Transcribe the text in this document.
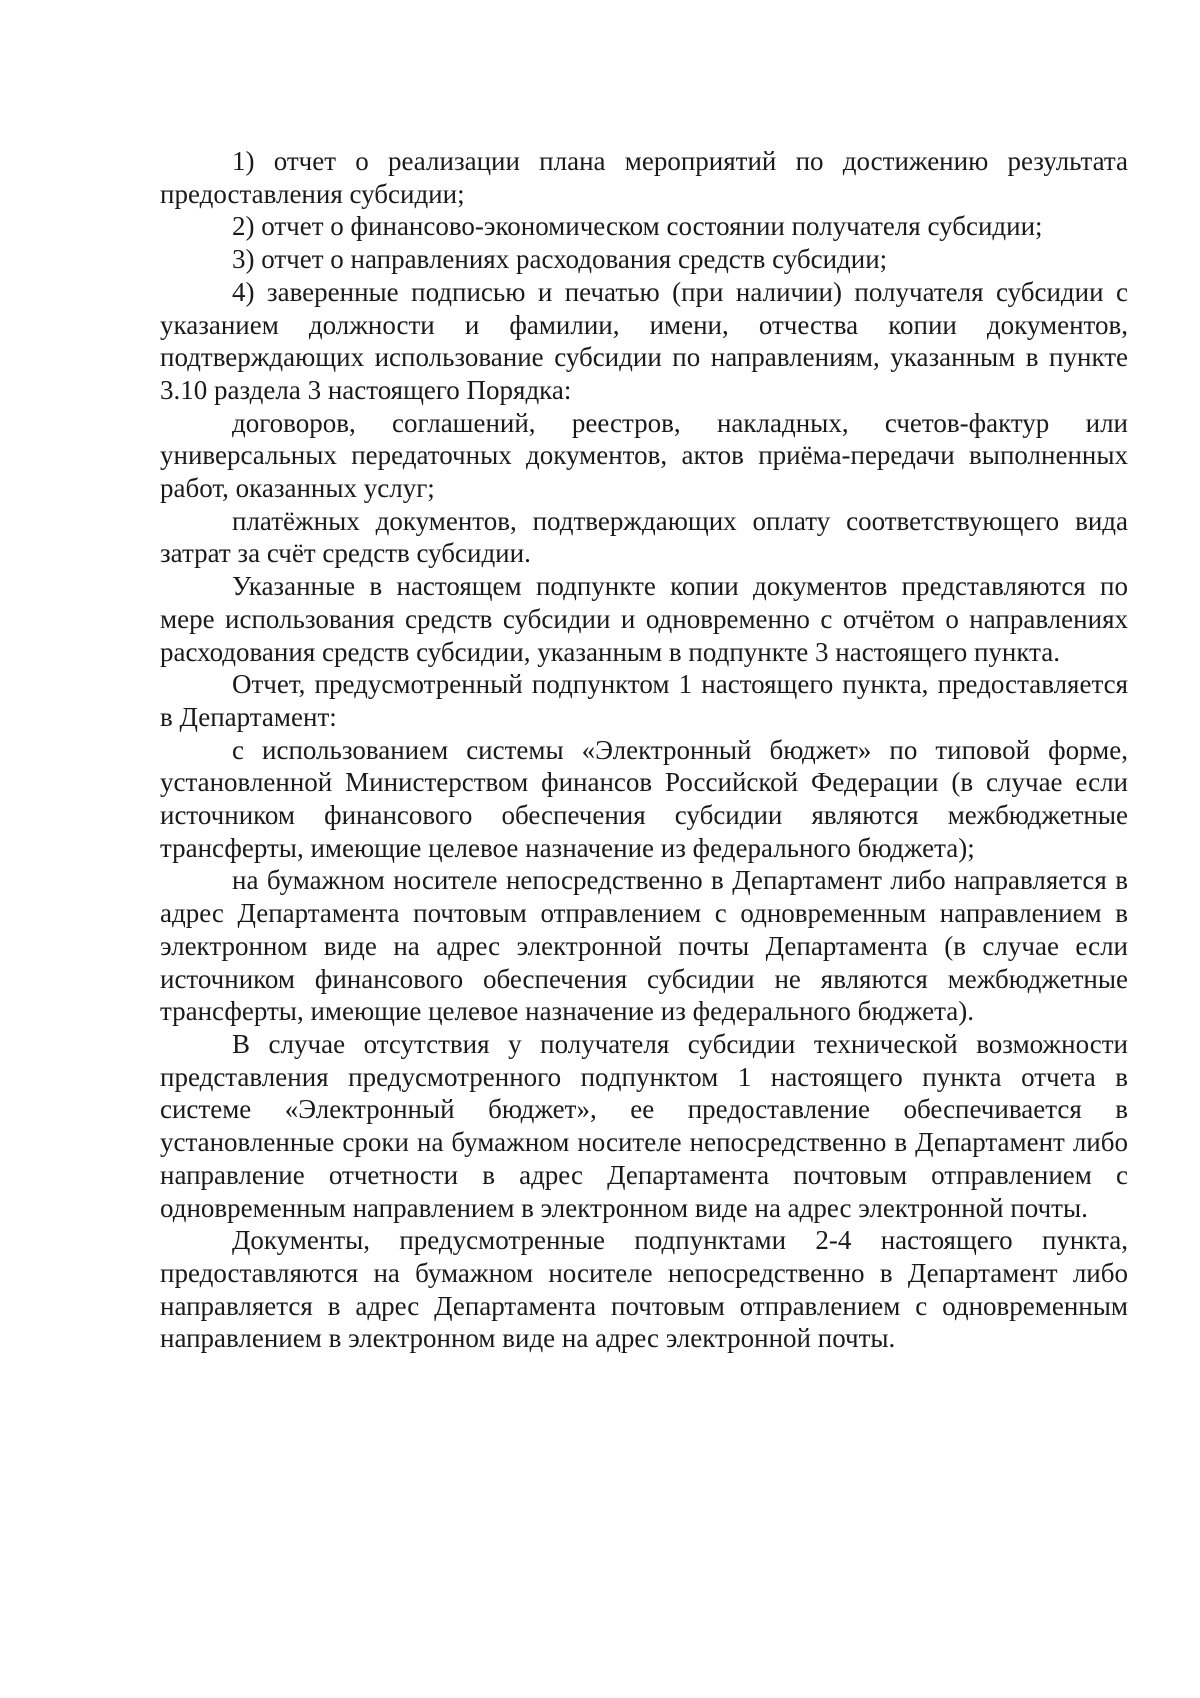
1) отчет о реализации плана мероприятий по достижению результата предоставления субсидии;

2) отчет о финансово-экономическом состоянии получателя субсидии;

3) отчет о направлениях расходования средств субсидии;

4) заверенные подписью и печатью (при наличии) получателя субсидии с указанием должности и фамилии, имени, отчества копии документов, подтверждающих использование субсидии по направлениям, указанным в пункте 3.10 раздела 3 настоящего Порядка:

договоров, соглашений, реестров, накладных, счетов-фактур или универсальных передаточных документов, актов приёма-передачи выполненных работ, оказанных услуг;

платёжных документов, подтверждающих оплату соответствующего вида затрат за счёт средств субсидии.

Указанные в настоящем подпункте копии документов представляются по мере использования средств субсидии и одновременно с отчётом о направлениях расходования средств субсидии, указанным в подпункте 3 настоящего пункта.

Отчет, предусмотренный подпунктом 1 настоящего пункта, предоставляется в Департамент:

с использованием системы «Электронный бюджет» по типовой форме, установленной Министерством финансов Российской Федерации (в случае если источником финансового обеспечения субсидии являются межбюджетные трансферты, имеющие целевое назначение из федерального бюджета);

на бумажном носителе непосредственно в Департамент либо направляется в адрес Департамента почтовым отправлением с одновременным направлением в электронном виде на адрес электронной почты Департамента (в случае если источником финансового обеспечения субсидии не являются межбюджетные трансферты, имеющие целевое назначение из федерального бюджета).

В случае отсутствия у получателя субсидии технической возможности представления предусмотренного подпунктом 1 настоящего пункта отчета в системе «Электронный бюджет», ее предоставление обеспечивается в установленные сроки на бумажном носителе непосредственно в Департамент либо направление отчетности в адрес Департамента почтовым отправлением с одновременным направлением в электронном виде на адрес электронной почты.

Документы, предусмотренные подпунктами 2-4 настоящего пункта, предоставляются на бумажном носителе непосредственно в Департамент либо направляется в адрес Департамента почтовым отправлением с одновременным направлением в электронном виде на адрес электронной почты.
